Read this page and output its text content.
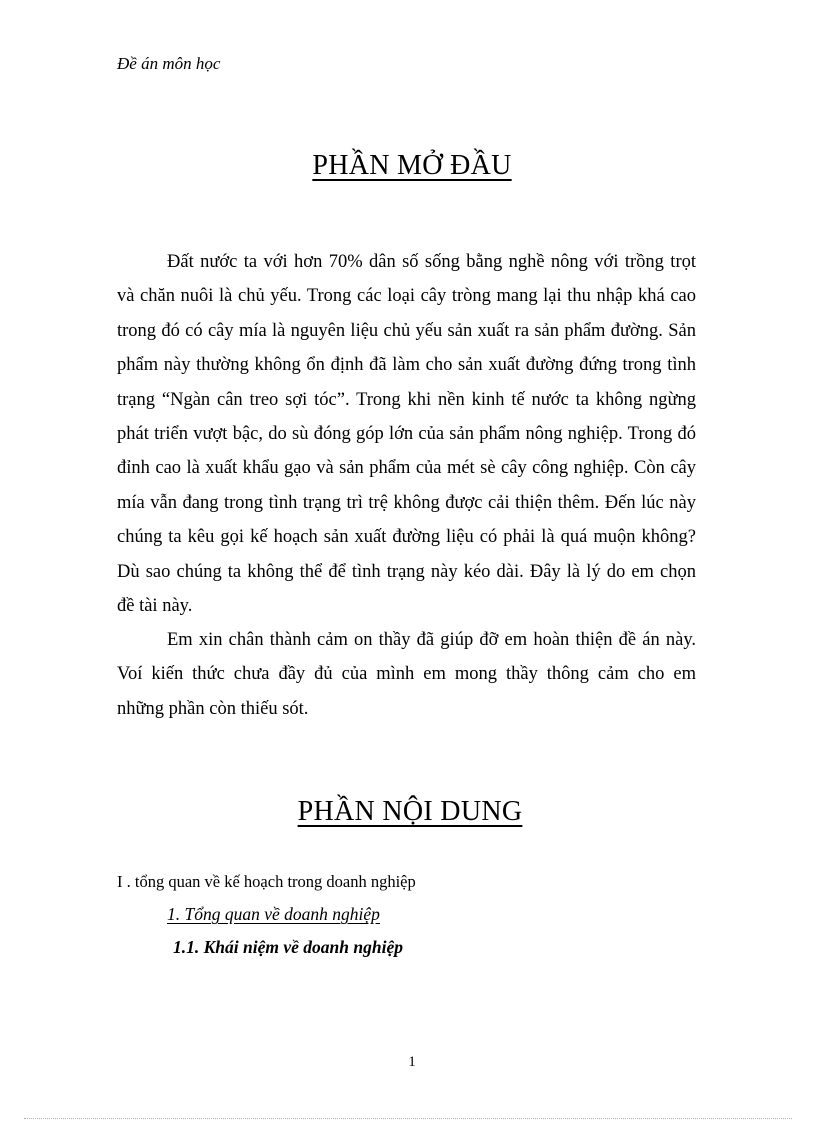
Đề án môn học

PHẦN MỞ ĐẦU
Đất nước ta với hơn 70% dân số sống bằng nghề nông với trồng trọt
và chăn nuôi là chủ yếu. Trong các loại cây tròng mang lại thu nhập khá cao
trong đó có cây mía là nguyên liệu chủ yếu sản xuất ra sản phẩm đường. Sản
phẩm này thường không ổn định đã làm cho sản xuất đường đứng trong tình
trạng “Ngàn cân treo sợi tóc”. Trong khi nền kinh tế nước ta không ngừng
phát triển vượt bậc, do sù đóng góp lớn của sản phẩm nông nghiệp. Trong đó
đỉnh cao là xuất khẩu gạo và sản phẩm của mét sè cây công nghiệp. Còn cây
mía vẫn đang trong tình trạng trì trệ không được cải thiện thêm. Đến lúc này
chúng ta kêu gọi kế hoạch sản xuất đường liệu có phải là quá muộn không?
Dù sao chúng ta không thể để tình trạng này kéo dài. Đây là lý do em chọn
đề tài này.
Em xin chân thành cảm on thầy đã giúp đỡ em hoàn thiện đề án này.
Voí kiến thức chưa đầy đủ của mình em mong thầy thông cảm cho em
những phần còn thiếu sót.
PHẦN NỘI DUNG

I . tổng quan về kế hoạch trong doanh nghiệp

1. Tổng quan về doanh nghiệp

1.1. Khái niệm về doanh nghiệp

1
